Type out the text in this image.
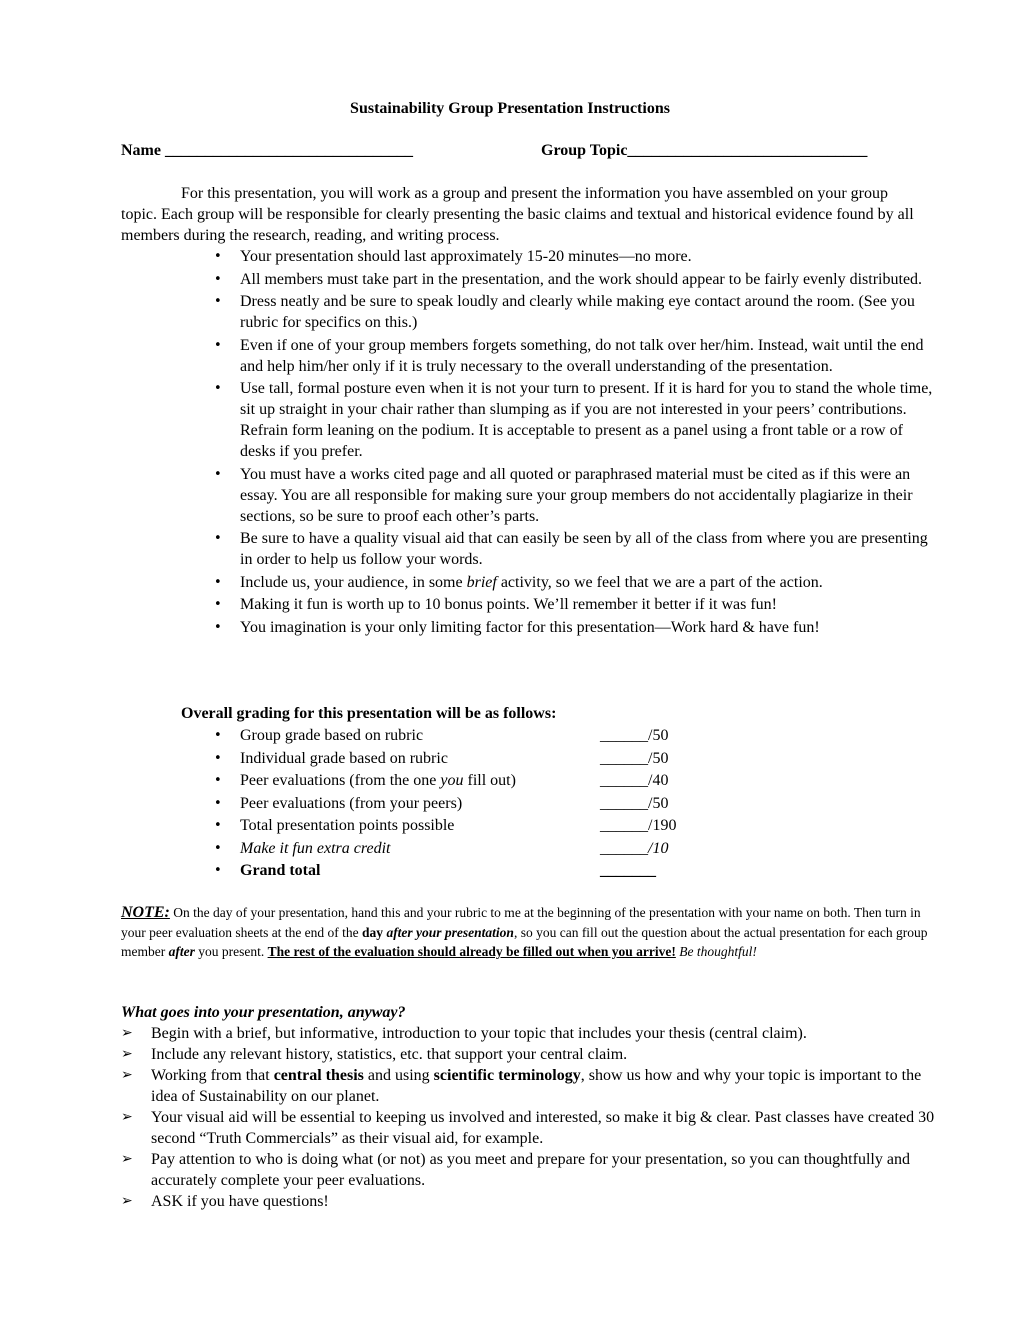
Sustainability Group Presentation Instructions
Name _______________________________	Group Topic______________________________

For this presentation, you will work as a group and present the information you have assembled on your group topic. Each group will be responsible for clearly presenting the basic claims and textual and historical evidence found by all members during the research, reading, and writing process.

• Your presentation should last approximately 15-20 minutes—no more.
• All members must take part in the presentation, and the work should appear to be fairly evenly distributed.
• Dress neatly and be sure to speak loudly and clearly while making eye contact around the room. (See you rubric for specifics on this.)
• Even if one of your group members forgets something, do not talk over her/him. Instead, wait until the end and help him/her only if it is truly necessary to the overall understanding of the presentation.
• Use tall, formal posture even when it is not your turn to present. If it is hard for you to stand the whole time, sit up straight in your chair rather than slumping as if you are not interested in your peers’ contributions. Refrain form leaning on the podium. It is acceptable to present as a panel using a front table or a row of desks if you prefer.
• You must have a works cited page and all quoted or paraphrased material must be cited as if this were an essay. You are all responsible for making sure your group members do not accidentally plagiarize in their sections, so be sure to proof each other’s parts.
• Be sure to have a quality visual aid that can easily be seen by all of the class from where you are presenting in order to help us follow your words.
• Include us, your audience, in some brief activity, so we feel that we are a part of the action.
• Making it fun is worth up to 10 bonus points. We’ll remember it better if it was fun!
• You imagination is your only limiting factor for this presentation—Work hard & have fun!
Overall grading for this presentation will be as follows:
• Group grade based on rubric	______/50
• Individual grade based on rubric	______/50
• Peer evaluations (from the one you fill out)	______/40
• Peer evaluations (from your peers)	______/50
• Total presentation points possible	______/190
• Make it fun extra credit	______/10
• Grand total	_______

NOTE: On the day of your presentation, hand this and your rubric to me at the beginning of the presentation with your name on both. Then turn in your peer evaluation sheets at the end of the day after your presentation, so you can fill out the question about the actual presentation for each group member after you present. The rest of the evaluation should already be filled out when you arrive! Be thoughtful!

What goes into your presentation, anyway?
➢ Begin with a brief, but informative, introduction to your topic that includes your thesis (central claim).
➢ Include any relevant history, statistics, etc. that support your central claim.
➢ Working from that central thesis and using scientific terminology, show us how and why your topic is important to the idea of Sustainability on our planet.
➢ Your visual aid will be essential to keeping us involved and interested, so make it big & clear. Past classes have created 30 second “Truth Commercials” as their visual aid, for example.
➢ Pay attention to who is doing what (or not) as you meet and prepare for your presentation, so you can thoughtfully and accurately complete your peer evaluations.
➢ ASK if you have questions!
